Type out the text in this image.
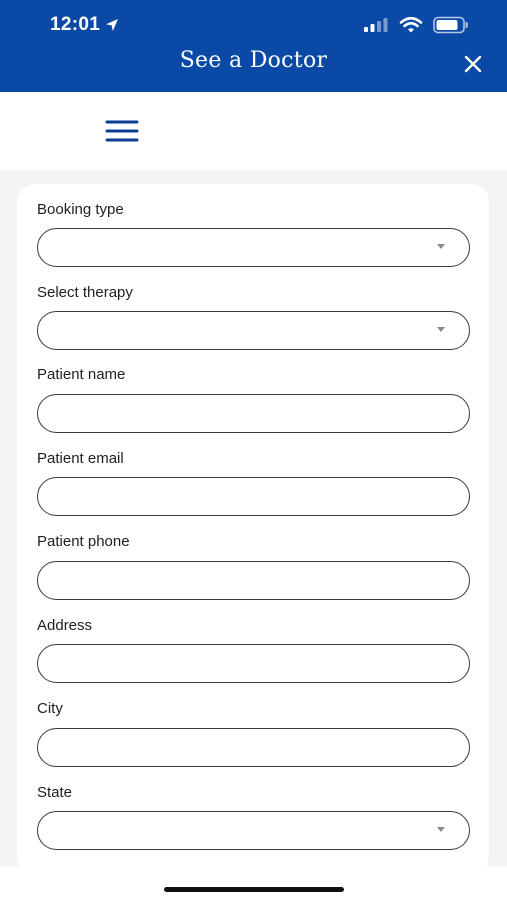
12:01
See a Doctor
Booking type
Select therapy
Patient name
Patient email
Patient phone
Address
City
State
